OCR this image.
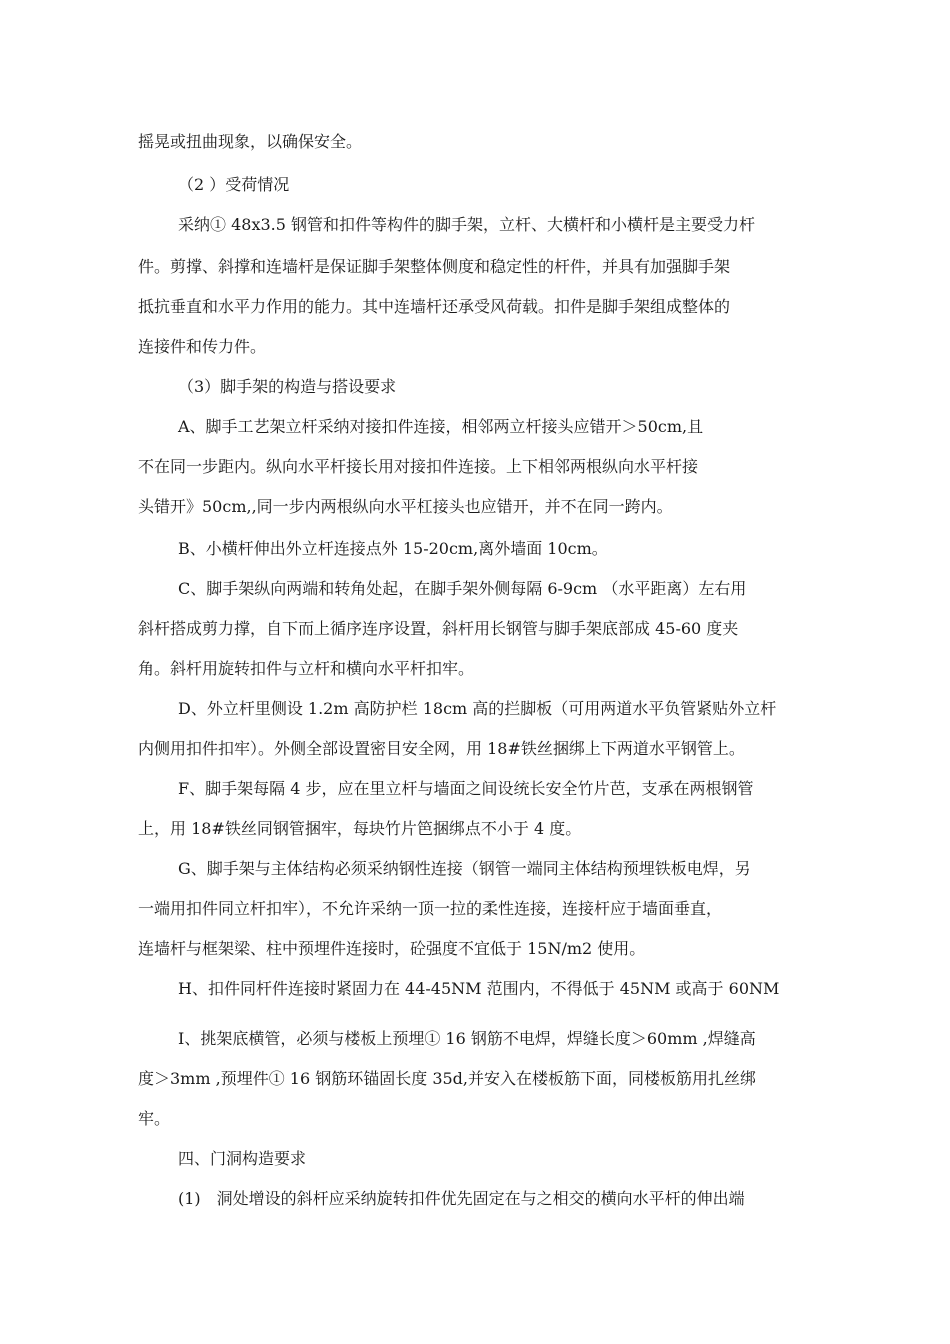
摇晃或扭曲现象，以确保安全。
（2 ）受荷情况
采纳① 48x3.5 钢管和扣件等构件的脚手架，立杆、大横杆和小横杆是主要受力杆
件。剪撑、斜撑和连墙杆是保证脚手架整体侧度和稳定性的杆件，并具有加强脚手架
抵抗垂直和水平力作用的能力。其中连墙杆还承受风荷载。扣件是脚手架组成整体的
连接件和传力件。
（3）脚手架的构造与搭设要求
A、脚手工艺架立杆采纳对接扣件连接，相邻两立杆接头应错开＞50cm,且
不在同一步距内。纵向水平杆接长用对接扣件连接。上下相邻两根纵向水平杆接
头错开》50cm,,同一步内两根纵向水平杠接头也应错开，并不在同一跨内。
B、小横杆伸出外立杆连接点外 15-20cm,离外墙面 10cm。
C、脚手架纵向两端和转角处起，在脚手架外侧每隔 6-9cm （水平距离）左右用
斜杆搭成剪力撑，自下而上循序连序设置，斜杆用长钢管与脚手架底部成 45-60 度夹
角。斜杆用旋转扣件与立杆和横向水平杆扣牢。
D、外立杆里侧设 1.2m 高防护栏 18cm 高的拦脚板（可用两道水平负管紧贴外立杆
内侧用扣件扣牢）。外侧全部设置密目安全网，用 18#铁丝捆绑上下两道水平钢管上。
F、脚手架每隔 4 步，应在里立杆与墙面之间设统长安全竹片芭，支承在两根钢管
上，用 18#铁丝同钢管捆牢，每块竹片笆捆绑点不小于 4 度。
G、脚手架与主体结构必须采纳钢性连接（钢管一端同主体结构预埋铁板电焊，另
一端用扣件同立杆扣牢），不允许采纳一顶一拉的柔性连接，连接杆应于墙面垂直，
连墙杆与框架梁、柱中预埋件连接时，砼强度不宜低于 15N/m2 使用。
H、扣件同杆件连接时紧固力在 44-45NM 范围内，不得低于 45NM 或高于 60NM
I、挑架底横管，必须与楼板上预埋① 16 钢筋不电焊，焊缝长度＞60mm ,焊缝高
度＞3mm ,预埋件① 16 钢筋环锚固长度 35d,并安入在楼板筋下面，同楼板筋用扎丝绑
牢。
四、门洞构造要求
(1)　洞处增设的斜杆应采纳旋转扣件优先固定在与之相交的横向水平杆的伸出端
